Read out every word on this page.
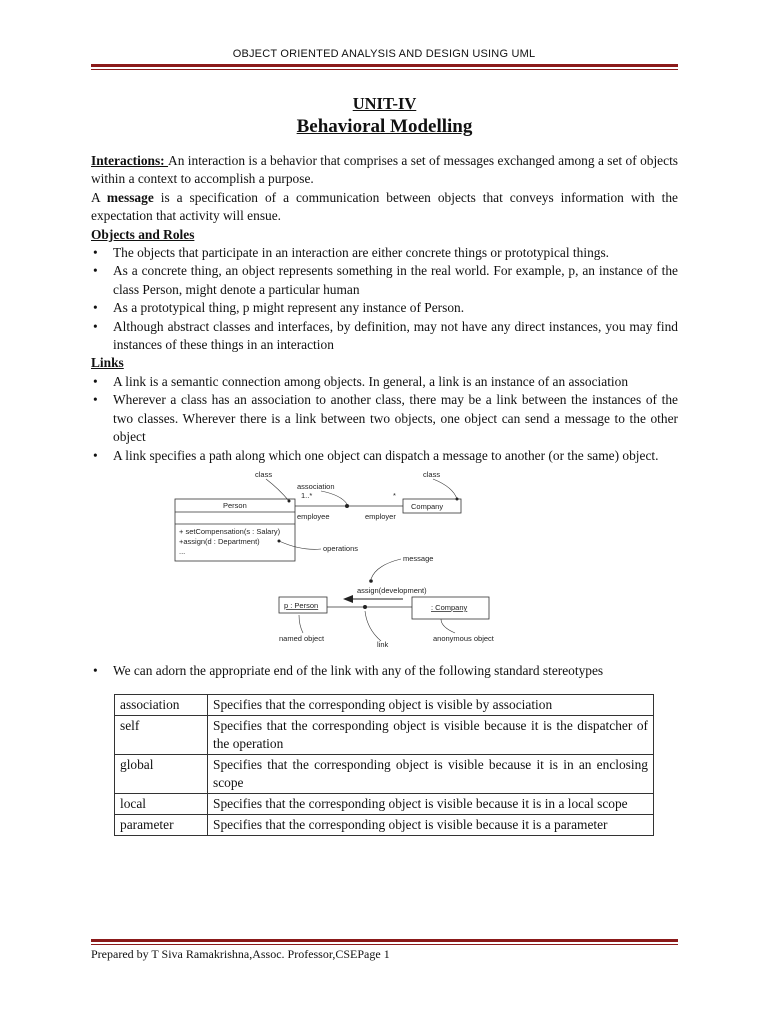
OBJECT ORIENTED ANALYSIS AND DESIGN USING UML
UNIT-IV
Behavioral Modelling

Interactions: An interaction is a behavior that comprises a set of messages exchanged among a set of objects within a context to accomplish a purpose.

A message is a specification of a communication between objects that conveys information with the expectation that activity will ensue.

Objects and Roles
• The objects that participate in an interaction are either concrete things or prototypical things.
• As a concrete thing, an object represents something in the real world. For example, p, an instance of the class Person, might denote a particular human
• As a prototypical thing, p might represent any instance of Person.
• Although abstract classes and interfaces, by definition, may not have any direct instances, you may find instances of these things in an interaction
Links
• A link is a semantic connection among objects. In general, a link is an instance of an association
• Wherever a class has an association to another class, there may be a link between the instances of the two classes. Wherever there is a link between two objects, one object can send a message to the other object
• A link specifies a path along which one object can dispatch a message to another (or the same) object.
Person
+ setCompensation(s : Salary)
+assign(d : Department)
...
Company
1..*	*
employee	employer
association
class	class
operations
p : Person	: Company
assign(development)
message
named object
link
anonymous object
• We can adorn the appropriate end of the link with any of the following standard stereotypes
association	Specifies that the corresponding object is visible by association
self	Specifies that the corresponding object is visible because it is the dispatcher of the operation
global	Specifies that the corresponding object is visible because it is in an enclosing scope
local	Specifies that the corresponding object is visible because it is in a local scope
parameter	Specifies that the corresponding object is visible because it is a parameter
Prepared by T Siva Ramakrishna,Assoc. Professor,CSEPage 1
